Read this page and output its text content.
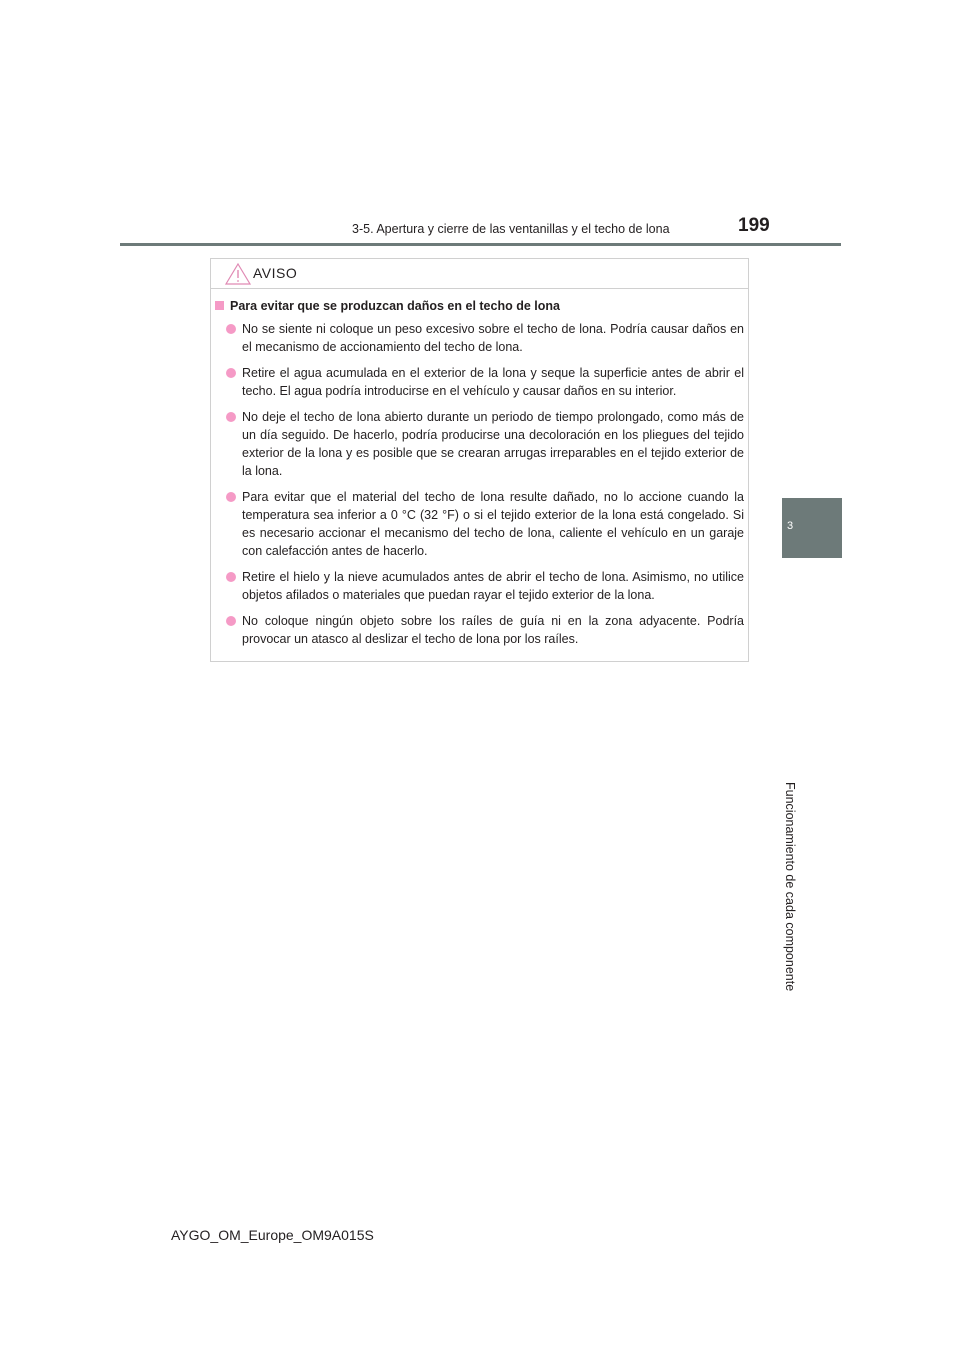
3-5. Apertura y cierre de las ventanillas y el techo de lona	199
3
Funcionamiento de cada componente
AVISO
Para evitar que se produzcan daños en el techo de lona
No se siente ni coloque un peso excesivo sobre el techo de lona. Podría causar daños en el mecanismo de accionamiento del techo de lona.
Retire el agua acumulada en el exterior de la lona y seque la superficie antes de abrir el techo. El agua podría introducirse en el vehículo y causar daños en su interior.
No deje el techo de lona abierto durante un periodo de tiempo prolongado, como más de un día seguido. De hacerlo, podría producirse una decoloración en los pliegues del tejido exterior de la lona y es posible que se crearan arrugas irreparables en el tejido exterior de la lona.
Para evitar que el material del techo de lona resulte dañado, no lo accione cuando la temperatura sea inferior a 0 °C (32 °F) o si el tejido exterior de la lona está congelado. Si es necesario accionar el mecanismo del techo de lona, caliente el vehículo en un garaje con calefacción antes de hacerlo.
Retire el hielo y la nieve acumulados antes de abrir el techo de lona. Asimismo, no utilice objetos afilados o materiales que puedan rayar el tejido exterior de la lona.
No coloque ningún objeto sobre los raíles de guía ni en la zona adyacente. Podría provocar un atasco al deslizar el techo de lona por los raíles.
AYGO_OM_Europe_OM9A015S
